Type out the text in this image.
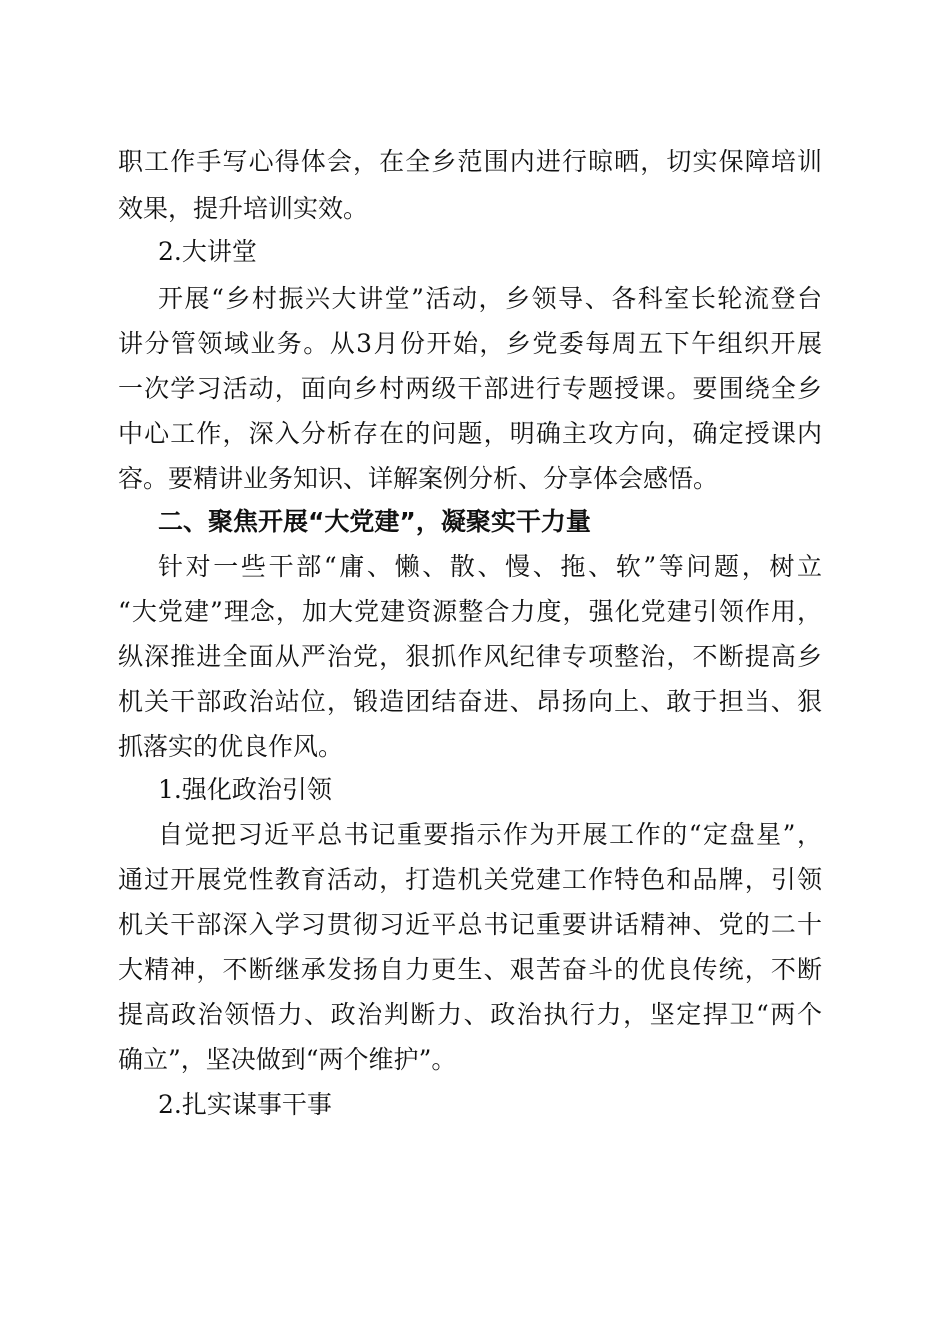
职工作手写心得体会，在全乡范围内进行晾晒，切实保障培训
效果，提升培训实效。
2.大讲堂
开展“乡村振兴大讲堂”活动，乡领导、各科室长轮流登台
讲分管领域业务。从3月份开始，乡党委每周五下午组织开展
一次学习活动，面向乡村两级干部进行专题授课。要围绕全乡
中心工作，深入分析存在的问题，明确主攻方向，确定授课内
容。要精讲业务知识、详解案例分析、分享体会感悟。
二、聚焦开展“大党建”，凝聚实干力量
针对一些干部“庸、懒、散、慢、拖、软”等问题，树立
“大党建”理念，加大党建资源整合力度，强化党建引领作用，
纵深推进全面从严治党，狠抓作风纪律专项整治，不断提高乡
机关干部政治站位，锻造团结奋进、昂扬向上、敢于担当、狠
抓落实的优良作风。
1.强化政治引领
自觉把习近平总书记重要指示作为开展工作的“定盘星”，
通过开展党性教育活动，打造机关党建工作特色和品牌，引领
机关干部深入学习贯彻习近平总书记重要讲话精神、党的二十
大精神，不断继承发扬自力更生、艰苦奋斗的优良传统，不断
提高政治领悟力、政治判断力、政治执行力，坚定捍卫“两个
确立”，坚决做到“两个维护”。
2.扎实谋事干事
